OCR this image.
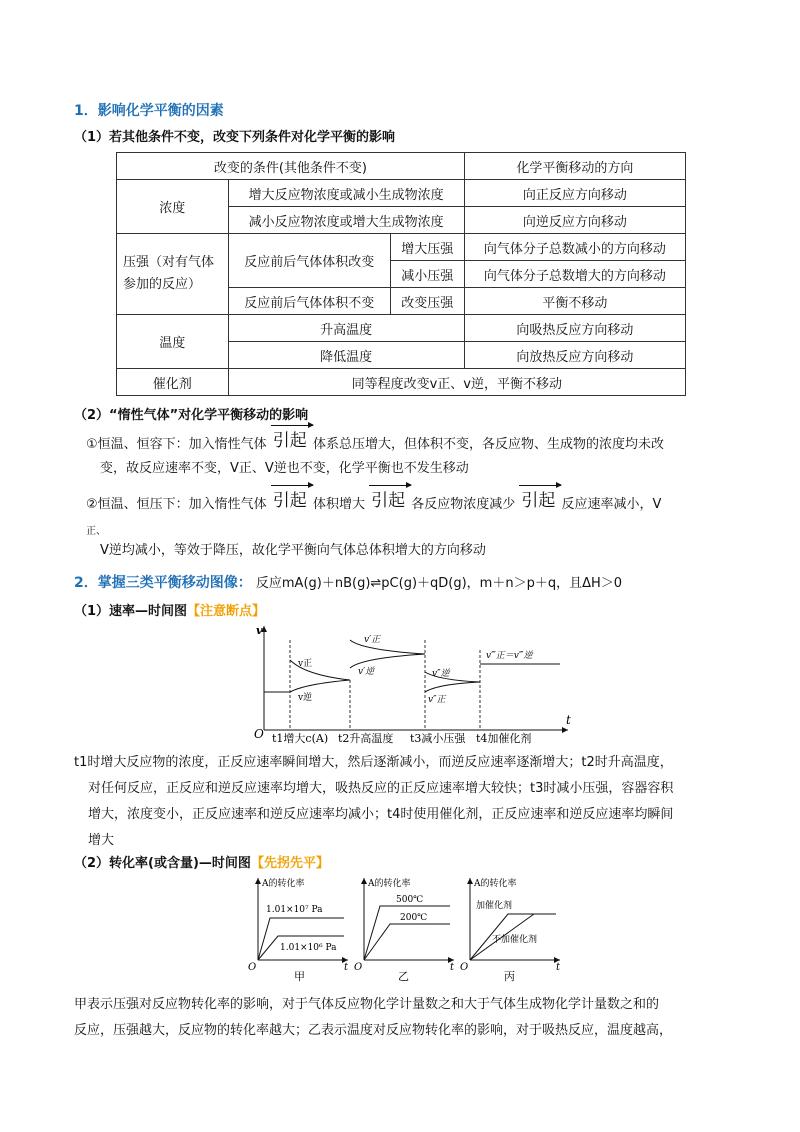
1．影响化学平衡的因素
（1）若其他条件不变，改变下列条件对化学平衡的影响
改变的条件(其他条件不变)			化学平衡移动的方向
浓度	增大反应物浓度或减小生成物浓度		向正反应方向移动
	减小反应物浓度或增大生成物浓度		向逆反应方向移动
压强（对有气体参加的反应）	反应前后气体体积改变	增大压强	向气体分子总数减小的方向移动
		减小压强	向气体分子总数增大的方向移动
	反应前后气体体积不变	改变压强	平衡不移动
温度	升高温度		向吸热反应方向移动
	降低温度		向放热反应方向移动
催化剂	同等程度改变v正、v逆，平衡不移动		
（2）“惰性气体”对化学平衡移动的影响
①恒温、恒容下：加入惰性气体 引起 体系总压增大，但体积不变，各反应物、生成物的浓度均未改
变，故反应速率不变，V正、V逆也不变，化学平衡也不发生移动
②恒温、恒压下：加入惰性气体 引起 体积增大 引起 各反应物浓度减少 引起 反应速率减小，V
正、
V逆均减小，等效于降压，故化学平衡向气体总体积增大的方向移动
2．掌握三类平衡移动图像： 反应mA(g)＋nB(g)⇌pC(g)＋qD(g)，m＋n＞p＋q，且ΔH＞0
（1）速率—时间图【注意断点】
v
t
O
v正
v逆
v′正
v′逆	v″逆
v″正
v‴正＝v‴逆
t1增大c(A) t2升高温度 t3减小压强 t4加催化剂
t1时增大反应物的浓度，正反应速率瞬间增大，然后逐渐减小，而逆反应速率逐渐增大；t2时升高温度，
对任何反应，正反应和逆反应速率均增大，吸热反应的正反应速率增大较快；t3时减小压强，容器容积
增大，浓度变小，正反应速率和逆反应速率均减小；t4时使用催化剂，正反应速率和逆反应速率均瞬间
增大
（2）转化率(或含量)—时间图【先拐先平】
A的转化率
t
O
1.01×10⁷ Pa
1.01×10⁶ Pa
甲
A的转化率
t
O
500℃
200℃
乙
A的转化率
t
O
加催化剂
不加催化剂
丙
甲表示压强对反应物转化率的影响，对于气体反应物化学计量数之和大于气体生成物化学计量数之和的
反应，压强越大，反应物的转化率越大；乙表示温度对反应物转化率的影响，对于吸热反应，温度越高，
